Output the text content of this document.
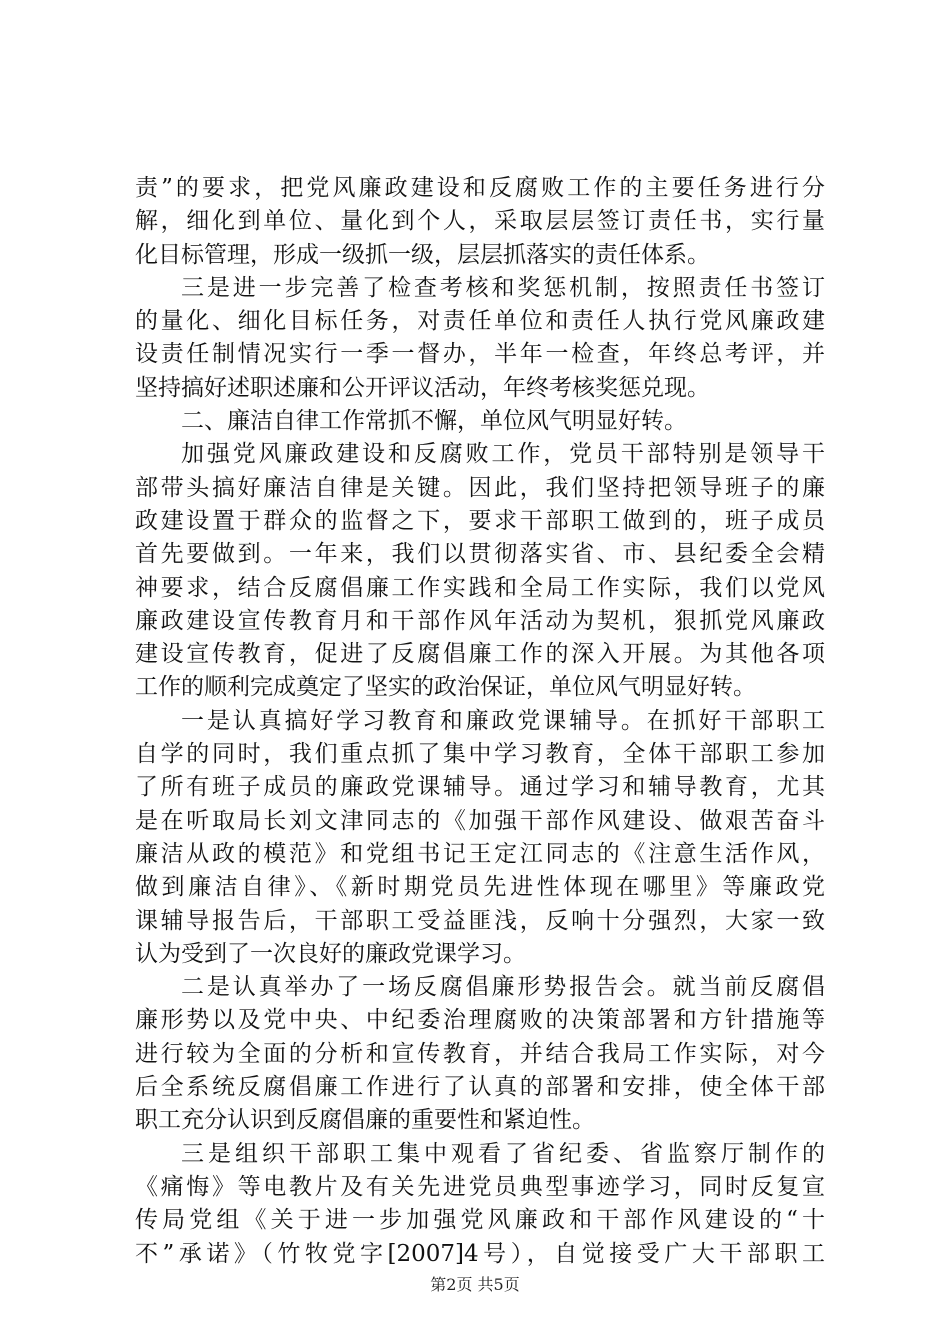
责”的要求，把党风廉政建设和反腐败工作的主要任务进行分
解，细化到单位、量化到个人，采取层层签订责任书，实行量
化目标管理，形成一级抓一级，层层抓落实的责任体系。
三是进一步完善了检查考核和奖惩机制，按照责任书签订
的量化、细化目标任务，对责任单位和责任人执行党风廉政建
设责任制情况实行一季一督办，半年一检查，年终总考评，并
坚持搞好述职述廉和公开评议活动，年终考核奖惩兑现。
二、廉洁自律工作常抓不懈，单位风气明显好转。
加强党风廉政建设和反腐败工作，党员干部特别是领导干
部带头搞好廉洁自律是关键。因此，我们坚持把领导班子的廉
政建设置于群众的监督之下，要求干部职工做到的，班子成员
首先要做到。一年来，我们以贯彻落实省、市、县纪委全会精
神要求，结合反腐倡廉工作实践和全局工作实际，我们以党风
廉政建设宣传教育月和干部作风年活动为契机，狠抓党风廉政
建设宣传教育，促进了反腐倡廉工作的深入开展。为其他各项
工作的顺利完成奠定了坚实的政治保证，单位风气明显好转。
一是认真搞好学习教育和廉政党课辅导。在抓好干部职工
自学的同时，我们重点抓了集中学习教育，全体干部职工参加
了所有班子成员的廉政党课辅导。通过学习和辅导教育，尤其
是在听取局长刘文津同志的《加强干部作风建设、做艰苦奋斗
廉洁从政的模范》和党组书记王定江同志的《注意生活作风，
做到廉洁自律》、《新时期党员先进性体现在哪里》等廉政党
课辅导报告后，干部职工受益匪浅，反响十分强烈，大家一致
认为受到了一次良好的廉政党课学习。
二是认真举办了一场反腐倡廉形势报告会。就当前反腐倡
廉形势以及党中央、中纪委治理腐败的决策部署和方针措施等
进行较为全面的分析和宣传教育，并结合我局工作实际，对今
后全系统反腐倡廉工作进行了认真的部署和安排，使全体干部
职工充分认识到反腐倡廉的重要性和紧迫性。
三是组织干部职工集中观看了省纪委、省监察厅制作的
《痛悔》等电教片及有关先进党员典型事迹学习，同时反复宣
传局党组《关于进一步加强党风廉政和干部作风建设的“十
不”承诺》（竹牧党字[2007]4号），自觉接受广大干部职工
第2页 共5页
